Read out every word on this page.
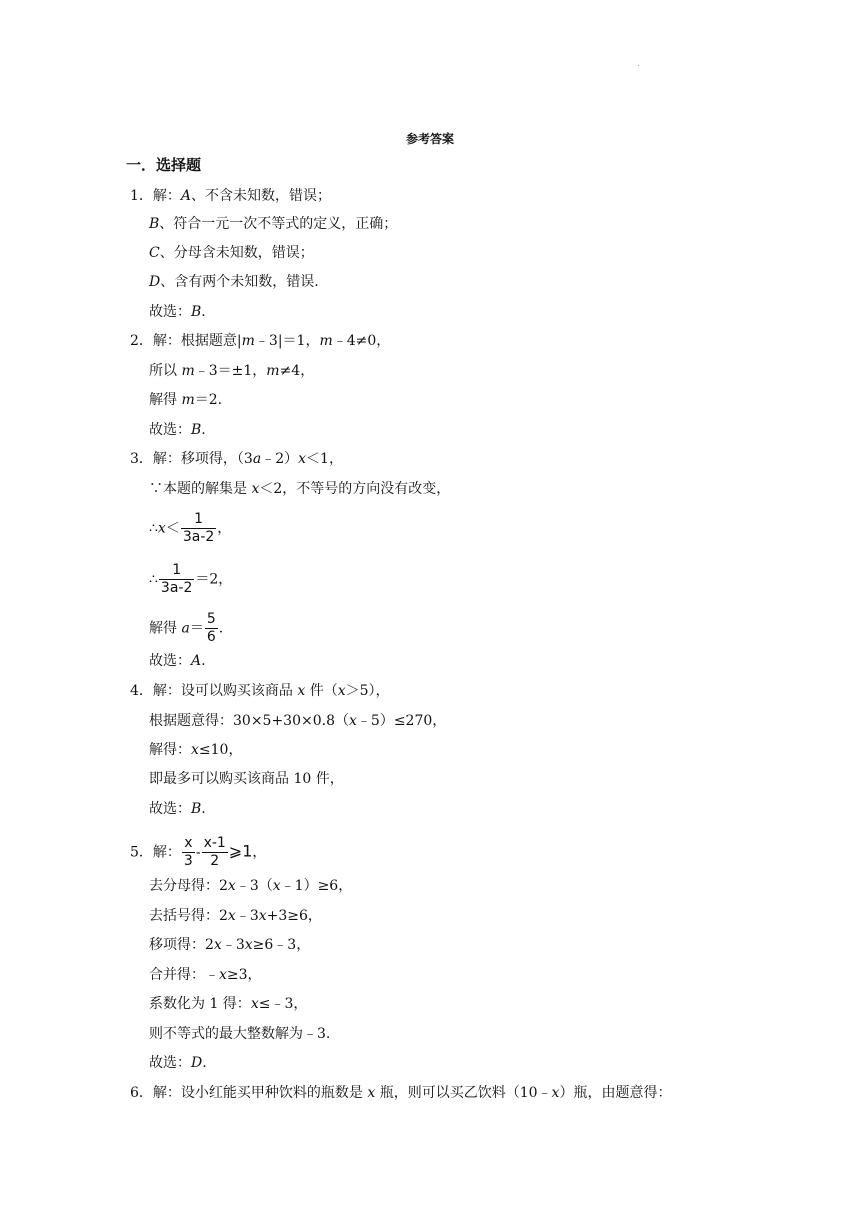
.
参考答案
一．选择题
1．解：A、不含未知数，错误；
B、符合一元一次不等式的定义，正确；
C、分母含未知数，错误；
D、含有两个未知数，错误.
故选：B.
2．解：根据题意|m﹣3|＝1，m﹣4≠0，
所以 m﹣3＝±1，m≠4，
解得 m＝2.
故选：B.
3．解：移项得，（3a﹣2）x＜1，
∵本题的解集是 x＜2，不等号的方向没有改变，
∴x＜ $\frac{1}{3a-2}$ ，
∴ $\frac{1}{3a-2} =2$，
解得 $a= \frac{5}{6}$ .
故选：A.
4．解：设可以购买该商品 x 件（x＞5），
根据题意得：30×5+30×0.8（x﹣5）≤270，
解得：x≤10，
即最多可以购买该商品 10 件，
故选：B.
5．解： $\frac{x}{3} - \frac{x-1}{2}$ ⩾1，
去分母得：2x﹣3（x﹣1）≥6，
去括号得：2x﹣3x+3≥6，
移项得：2x﹣3x≥6﹣3，
合并得：﹣x≥3，
系数化为 1 得：x≤﹣3，
则不等式的最大整数解为﹣3.
故选：D.
6．解：设小红能买甲种饮料的瓶数是 x 瓶，则可以买乙饮料（10﹣x）瓶，由题意得：
